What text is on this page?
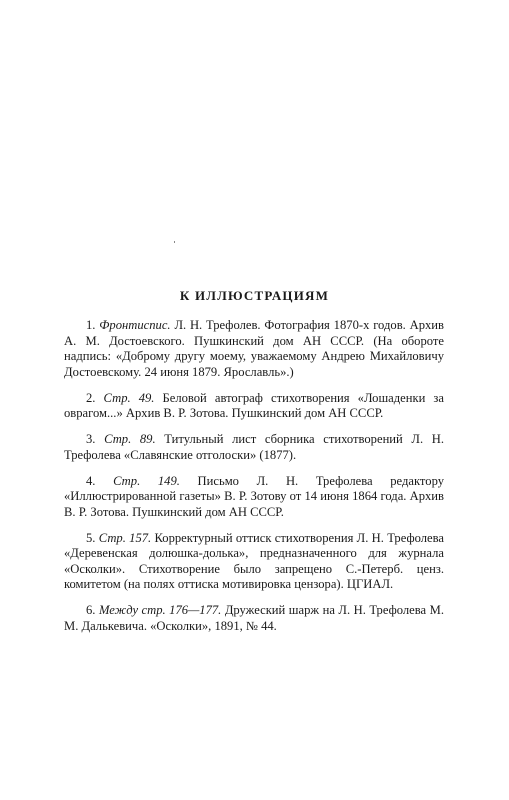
К ИЛЛЮСТРАЦИЯМ

1. Фронтиспис. Л. Н. Трефолев. Фотография 1870-х годов. Архив А. М. Достоевского. Пушкинский дом АН СССР. (На обороте надпись: «Доброму другу моему, уважаемому Андрею Михайловичу Достоевскому. 24 июня 1879. Ярославль».)

2. Стр. 49. Беловой автограф стихотворения «Лошаденки за оврагом...» Архив В. Р. Зотова. Пушкинский дом АН СССР.

3. Стр. 89. Титульный лист сборника стихотворений Л. Н. Трефолева «Славянские отголоски» (1877).

4. Стр. 149. Письмо Л. Н. Трефолева редактору «Иллюстрированной газеты» В. Р. Зотову от 14 июня 1864 года. Архив В. Р. Зотова. Пушкинский дом АН СССР.

5. Стр. 157. Корректурный оттиск стихотворения Л. Н. Трефолева «Деревенская долюшка-долька», предназначенного для журнала «Осколки». Стихотворение было запрещено С.-Петерб. ценз. комитетом (на полях оттиска мотивировка цензора). ЦГИАЛ.

6. Между стр. 176—177. Дружеский шарж на Л. Н. Трефолева М. М. Далькевича. «Осколки», 1891, № 44.
